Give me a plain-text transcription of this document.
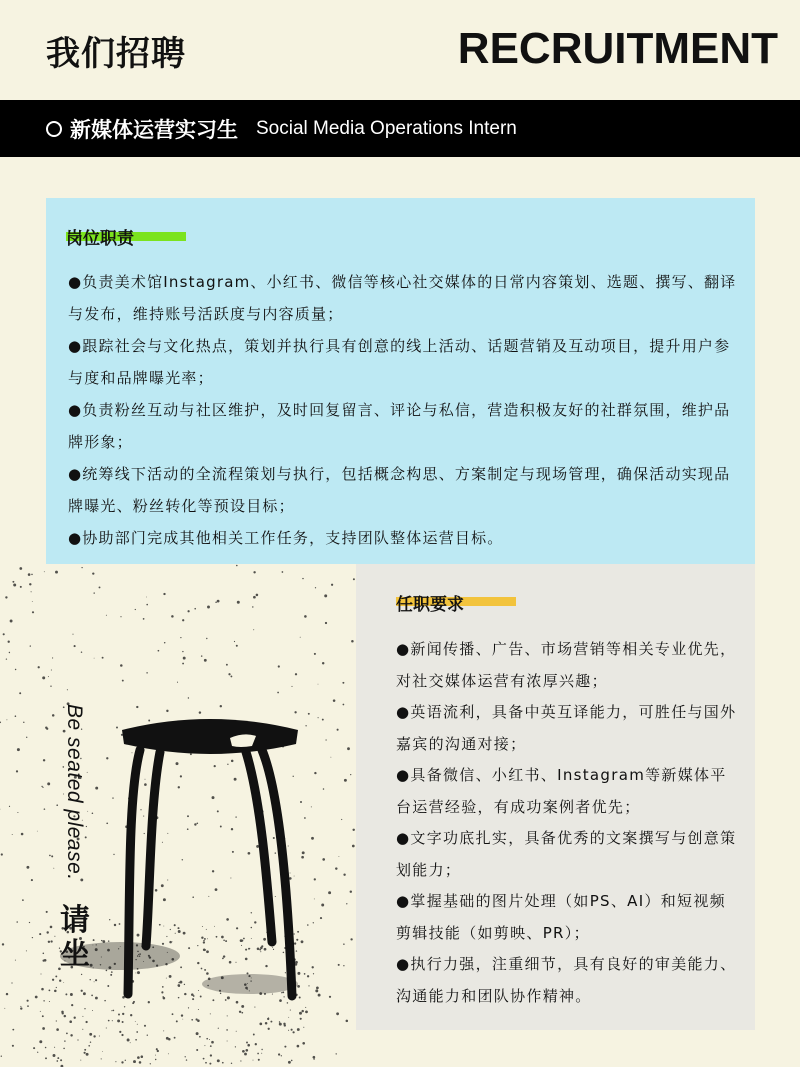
我们招聘	RECRUITMENT
新媒体运营实习生 Social Media Operations Intern
岗位职责
●负责美术馆Instagram、小红书、微信等核心社交媒体的日常内容策划、选题、撰写、翻译与发布，维持账号活跃度与内容质量；
●跟踪社会与文化热点，策划并执行具有创意的线上活动、话题营销及互动项目，提升用户参与度和品牌曝光率；
●负责粉丝互动与社区维护，及时回复留言、评论与私信，营造积极友好的社群氛围，维护品牌形象；
●统筹线下活动的全流程策划与执行，包括概念构思、方案制定与现场管理，确保活动实现品牌曝光、粉丝转化等预设目标；
●协助部门完成其他相关工作任务，支持团队整体运营目标。
Be seated please.
请坐
任职要求
●新闻传播、广告、市场营销等相关专业优先，对社交媒体运营有浓厚兴趣；
●英语流利，具备中英互译能力，可胜任与国外嘉宾的沟通对接；
●具备微信、小红书、Instagram等新媒体平台运营经验，有成功案例者优先；
●文字功底扎实，具备优秀的文案撰写与创意策划能力；
●掌握基础的图片处理（如PS、AI）和短视频剪辑技能（如剪映、PR）；
●执行力强，注重细节，具有良好的审美能力、沟通能力和团队协作精神。
